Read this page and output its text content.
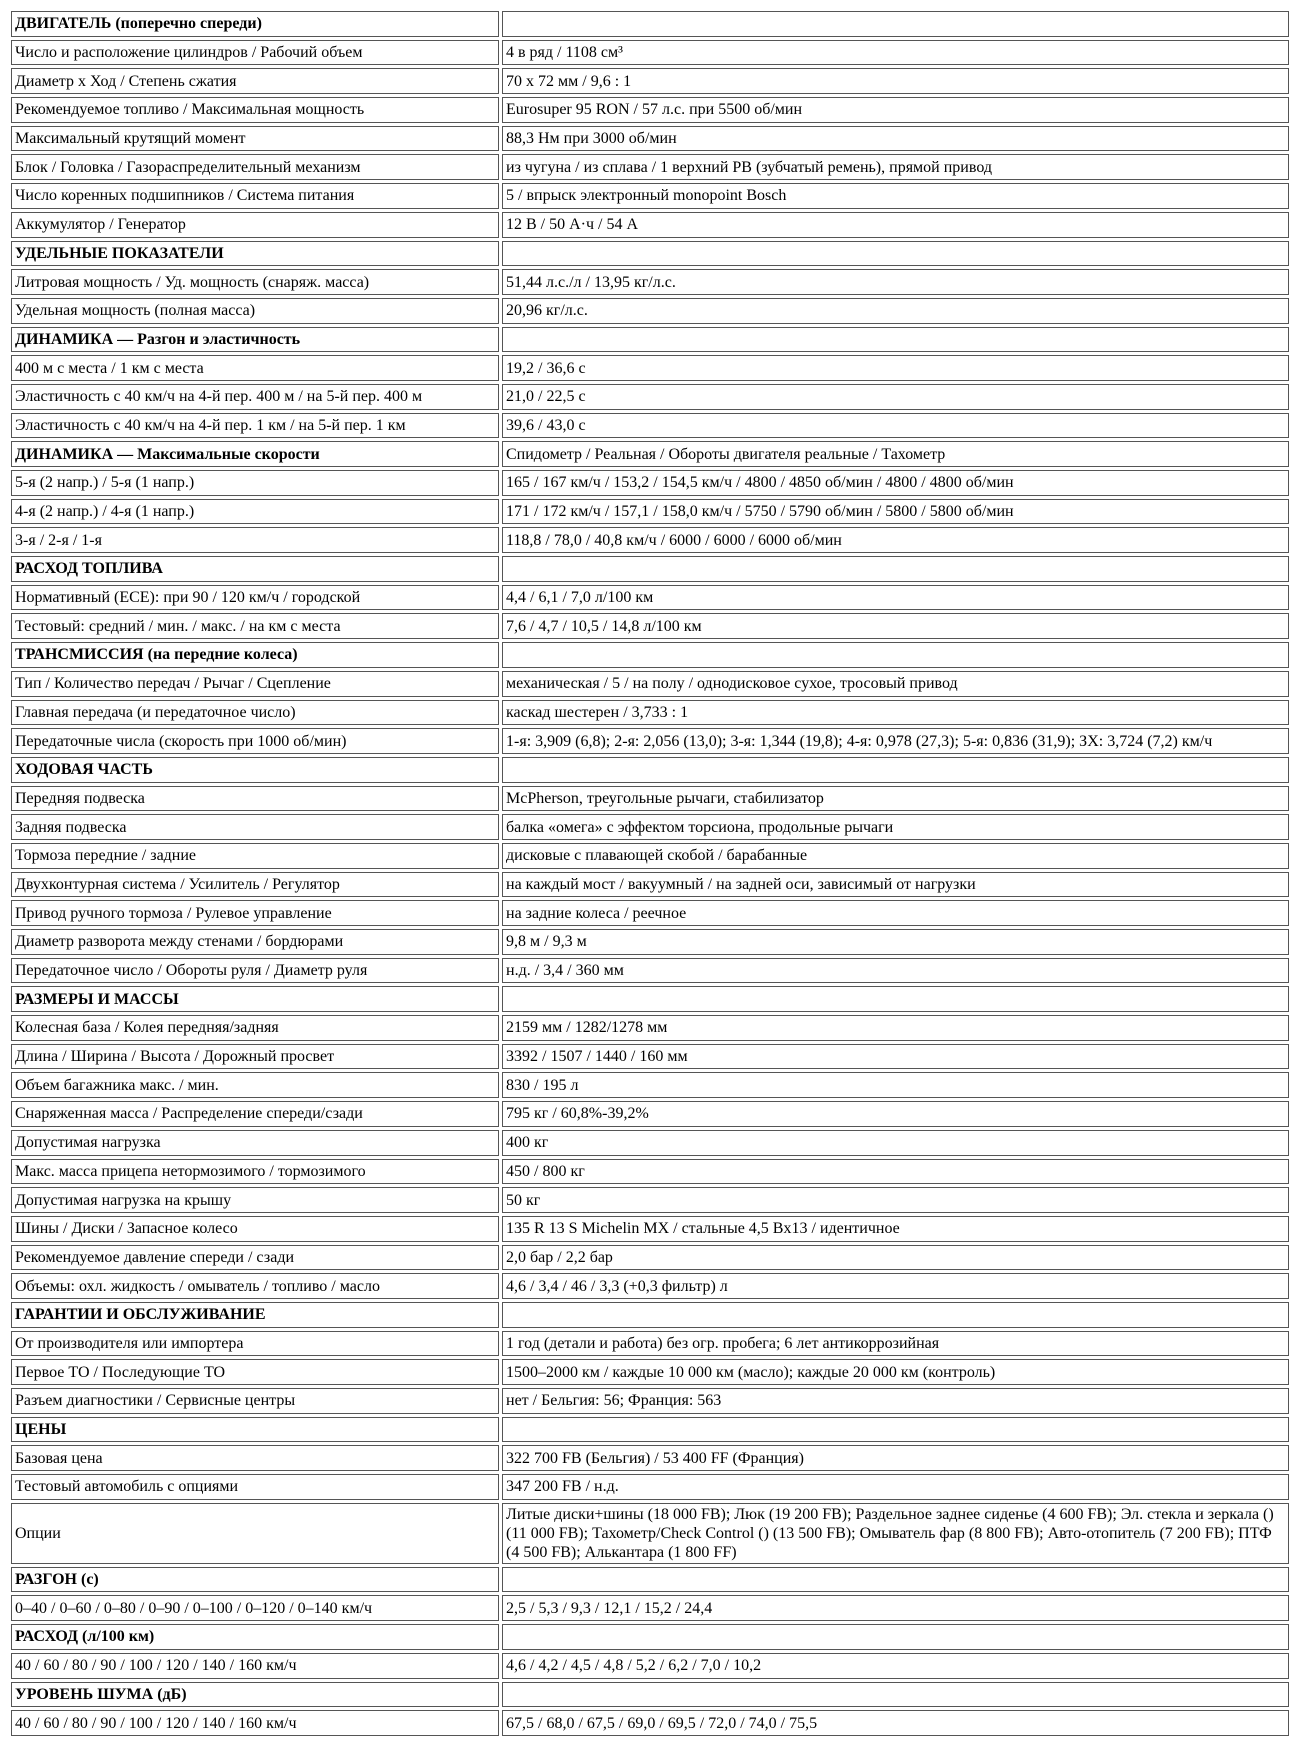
ДВИГАТЕЛЬ (поперечно спереди)	
Число и расположение цилиндров / Рабочий объем	4 в ряд / 1108 см³
Диаметр х Ход / Степень сжатия	70 х 72 мм / 9,6 : 1
Рекомендуемое топливо / Максимальная мощность	Eurosuper 95 RON / 57 л.с. при 5500 об/мин
Максимальный крутящий момент	88,3 Нм при 3000 об/мин
Блок / Головка / Газораспределительный механизм	из чугуна / из сплава / 1 верхний РВ (зубчатый ремень), прямой привод
Число коренных подшипников / Система питания	5 / впрыск электронный monopoint Bosch
Аккумулятор / Генератор	12 В / 50 А·ч / 54 А
УДЕЛЬНЫЕ ПОКАЗАТЕЛИ	
Литровая мощность / Уд. мощность (снаряж. масса)	51,44 л.с./л / 13,95 кг/л.с.
Удельная мощность (полная масса)	20,96 кг/л.с.
ДИНАМИКА — Разгон и эластичность	
400 м с места / 1 км с места	19,2 / 36,6 с
Эластичность с 40 км/ч на 4-й пер. 400 м / на 5-й пер. 400 м	21,0 / 22,5 с
Эластичность с 40 км/ч на 4-й пер. 1 км / на 5-й пер. 1 км	39,6 / 43,0 с
ДИНАМИКА — Максимальные скорости	Спидометр / Реальная / Обороты двигателя реальные / Тахометр
5-я (2 напр.) / 5-я (1 напр.)	165 / 167 км/ч / 153,2 / 154,5 км/ч / 4800 / 4850 об/мин / 4800 / 4800 об/мин
4-я (2 напр.) / 4-я (1 напр.)	171 / 172 км/ч / 157,1 / 158,0 км/ч / 5750 / 5790 об/мин / 5800 / 5800 об/мин
3-я / 2-я / 1-я	118,8 / 78,0 / 40,8 км/ч / 6000 / 6000 / 6000 об/мин
РАСХОД ТОПЛИВА	
Нормативный (ЕСЕ): при 90 / 120 км/ч / городской	4,4 / 6,1 / 7,0 л/100 км
Тестовый: средний / мин. / макс. / на км с места	7,6 / 4,7 / 10,5 / 14,8 л/100 км
ТРАНСМИССИЯ (на передние колеса)	
Тип / Количество передач / Рычаг / Сцепление	механическая / 5 / на полу / однодисковое сухое, тросовый привод
Главная передача (и передаточное число)	каскад шестерен / 3,733 : 1
Передаточные числа (скорость при 1000 об/мин)	1-я: 3,909 (6,8); 2-я: 2,056 (13,0); 3-я: 1,344 (19,8); 4-я: 0,978 (27,3); 5-я: 0,836 (31,9); ЗХ: 3,724 (7,2) км/ч
ХОДОВАЯ ЧАСТЬ	
Передняя подвеска	McPherson, треугольные рычаги, стабилизатор
Задняя подвеска	балка «омега» с эффектом торсиона, продольные рычаги
Тормоза передние / задние	дисковые с плавающей скобой / барабанные
Двухконтурная система / Усилитель / Регулятор	на каждый мост / вакуумный / на задней оси, зависимый от нагрузки
Привод ручного тормоза / Рулевое управление	на задние колеса / реечное
Диаметр разворота между стенами / бордюрами	9,8 м / 9,3 м
Передаточное число / Обороты руля / Диаметр руля	н.д. / 3,4 / 360 мм
РАЗМЕРЫ И МАССЫ	
Колесная база / Колея передняя/задняя	2159 мм / 1282/1278 мм
Длина / Ширина / Высота / Дорожный просвет	3392 / 1507 / 1440 / 160 мм
Объем багажника макс. / мин.	830 / 195 л
Снаряженная масса / Распределение спереди/сзади	795 кг / 60,8%-39,2%
Допустимая нагрузка	400 кг
Макс. масса прицепа нетормозимого / тормозимого	450 / 800 кг
Допустимая нагрузка на крышу	50 кг
Шины / Диски / Запасное колесо	135 R 13 S Michelin MX / стальные 4,5 Bx13 / идентичное
Рекомендуемое давление спереди / сзади	2,0 бар / 2,2 бар
Объемы: охл. жидкость / омыватель / топливо / масло	4,6 / 3,4 / 46 / 3,3 (+0,3 фильтр) л
ГАРАНТИИ И ОБСЛУЖИВАНИЕ	
От производителя или импортера	1 год (детали и работа) без огр. пробега; 6 лет антикоррозийная
Первое ТО / Последующие ТО	1500–2000 км / каждые 10 000 км (масло); каждые 20 000 км (контроль)
Разъем диагностики / Сервисные центры	нет / Бельгия: 56; Франция: 563
ЦЕНЫ	
Базовая цена	322 700 FB (Бельгия) / 53 400 FF (Франция)
Тестовый автомобиль с опциями	347 200 FB / н.д.
Опции	Литые диски+шины (18 000 FB); Люк (19 200 FB); Раздельное заднее сиденье (4 600 FB); Эл. стекла и зеркала () (11 000 FB); Тахометр/Check Control () (13 500 FB); Омыватель фар (8 800 FB); Авто-отопитель (7 200 FB); ПТФ (4 500 FB); Алькантара (1 800 FF)
РАЗГОН (с)	
0–40 / 0–60 / 0–80 / 0–90 / 0–100 / 0–120 / 0–140 км/ч	2,5 / 5,3 / 9,3 / 12,1 / 15,2 / 24,4
РАСХОД (л/100 км)	
40 / 60 / 80 / 90 / 100 / 120 / 140 / 160 км/ч	4,6 / 4,2 / 4,5 / 4,8 / 5,2 / 6,2 / 7,0 / 10,2
УРОВЕНЬ ШУМА (дБ)	
40 / 60 / 80 / 90 / 100 / 120 / 140 / 160 км/ч	67,5 / 68,0 / 67,5 / 69,0 / 69,5 / 72,0 / 74,0 / 75,5
